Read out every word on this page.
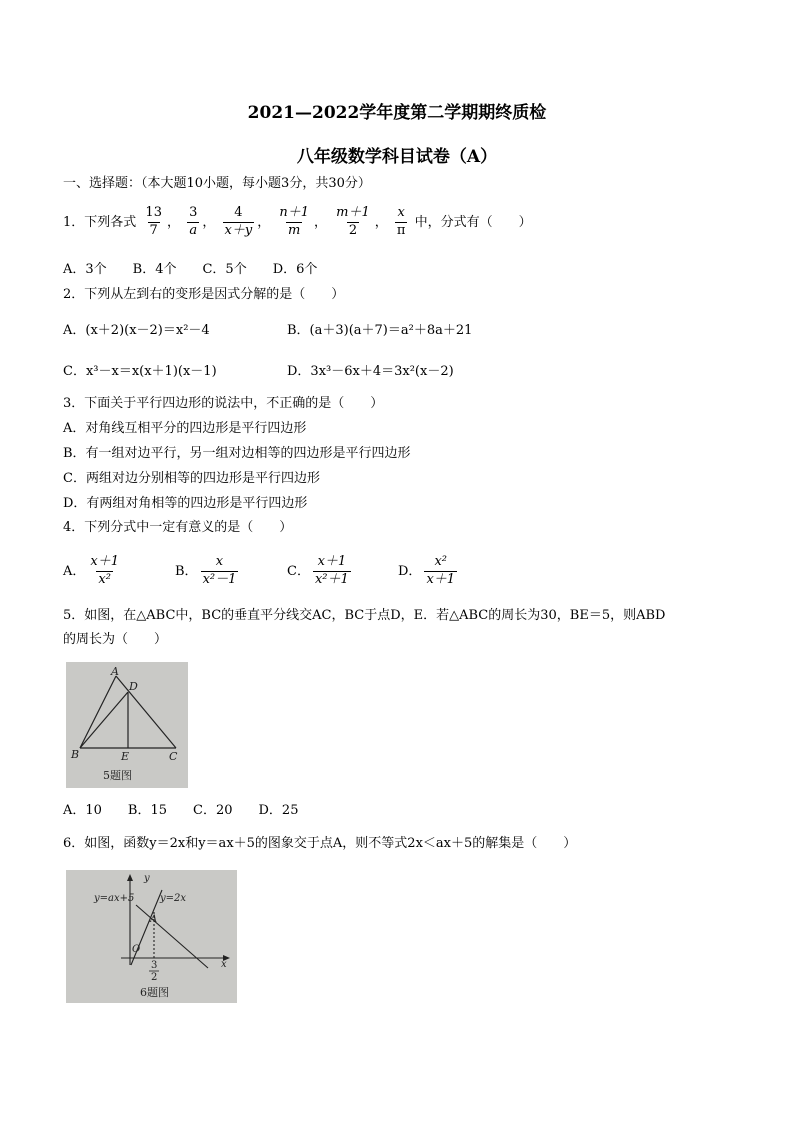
2021—2022学年度第二学期期终质检
八年级数学科目试卷（A）
一、选择题：（本大题10小题，每小题3分，共30分）
1．下列各式 $\frac{13}{7}$ ， $\frac{3}{a}$ ， $\frac{4}{x+y}$ ， $\frac{n+1}{m}$ ， $\frac{m+1}{2}$ ， $\frac{x}{\pi}$ 中，分式有（　　）
A．3个　　B．4个　　C．5个　　D．6个
2．下列从左到右的变形是因式分解的是（　　）
A．(x＋2)(x－2)＝x²－4	B．(a＋3)(a＋7)＝a²＋8a＋21
C．x³－x＝x(x＋1)(x－1)	D．3x³－6x＋4＝3x²(x－2)
3．下面关于平行四边形的说法中，不正确的是（　　）
A．对角线互相平分的四边形是平行四边形
B．有一组对边平行，另一组对边相等的四边形是平行四边形
C．两组对边分别相等的四边形是平行四边形
D．有两组对角相等的四边形是平行四边形
4．下列分式中一定有意义的是（　　）
A． $\frac{x+1}{\text{x²}}$	B． $\frac{x}{\text{x²－1}}$	C． $\frac{x+1}{\text{x²＋1}}$	D． $\frac{\text{x²}}{x+1}$
5．如图，在△ABC中，BC的垂直平分线交AC，BC于点D，E．若△ABC的周长为30，BE＝5，则ABD
的周长为（　　）
A
D
B	E	C
5题图
A．10　　B．15　　C．20　　D．25
6．如图，函数y＝2x和y＝ax＋5的图象交于点A，则不等式2x＜ax＋5的解集是（　　）
y=ax+5	y=2x
y
x
O
A
3
2
6题图
